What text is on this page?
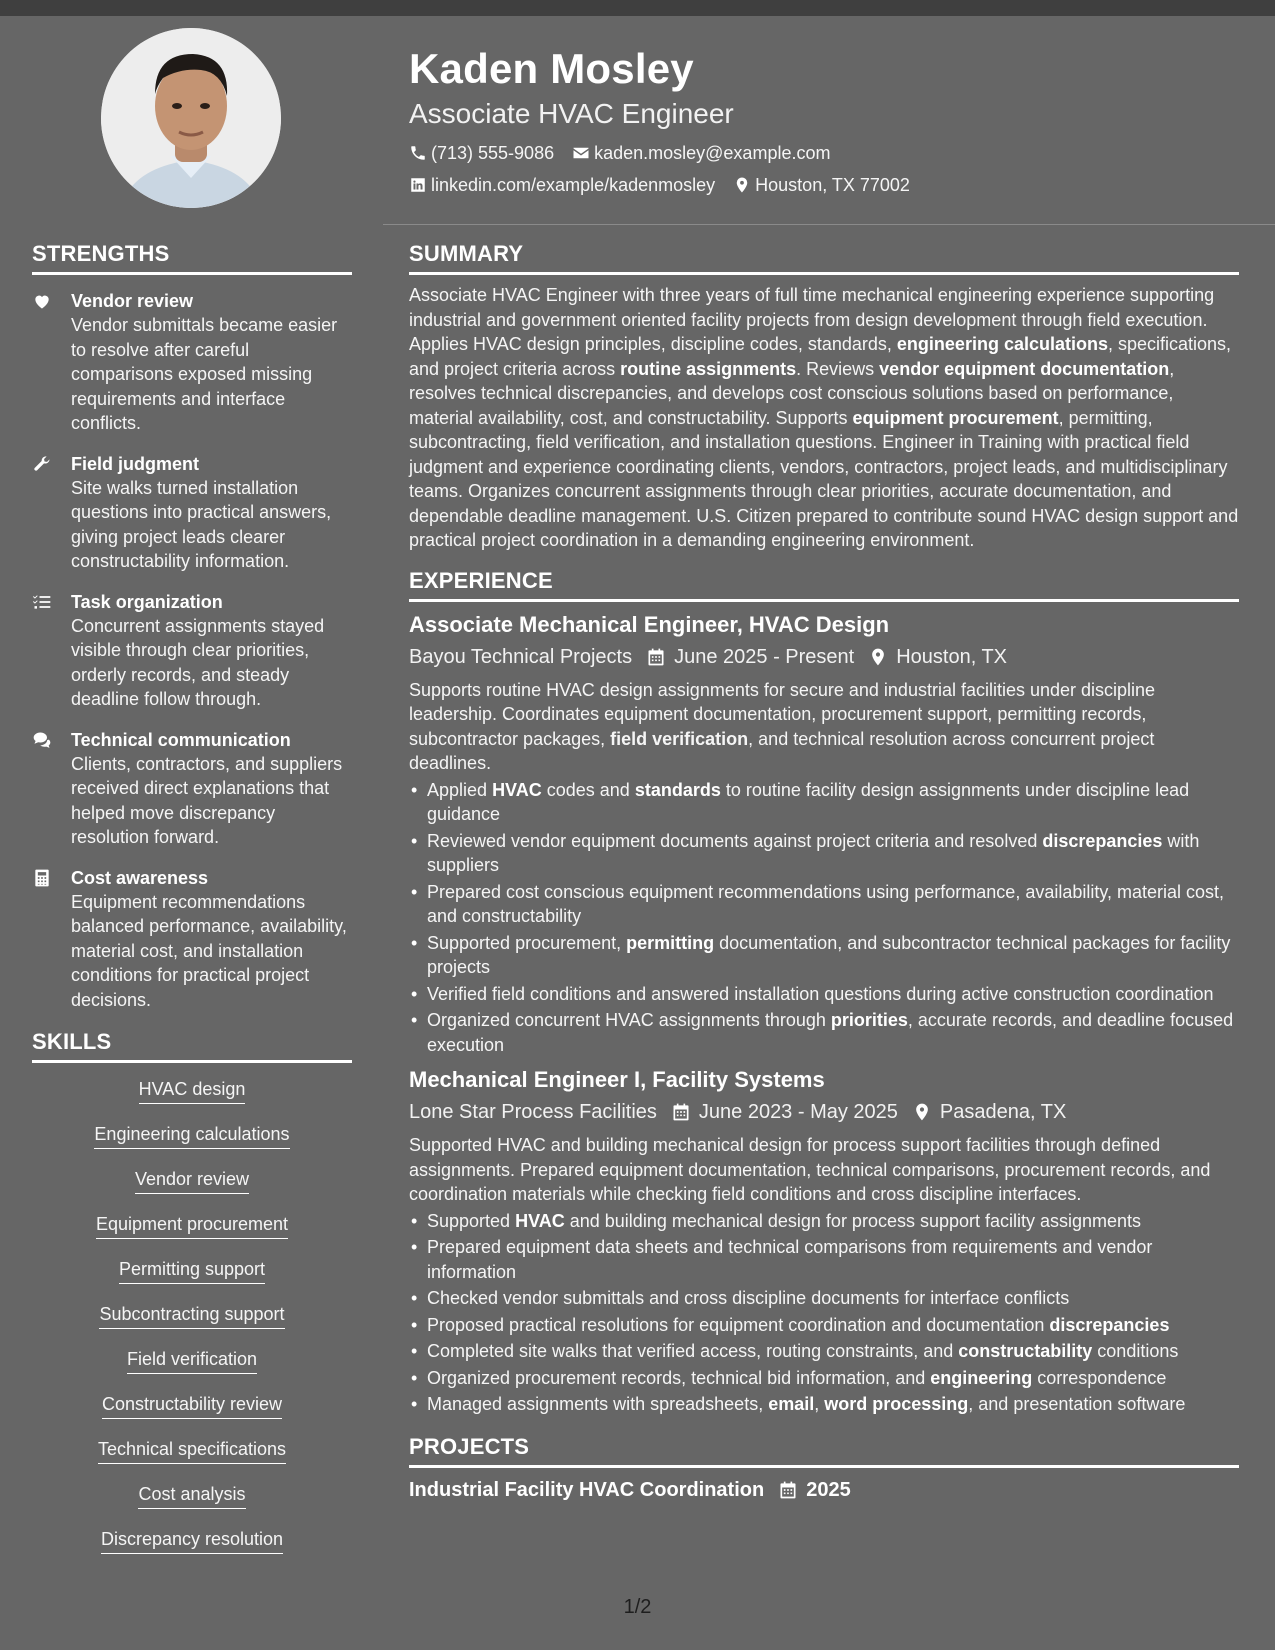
Kaden Mosley
Associate HVAC Engineer
(713) 555-9086 kaden.mosley@example.com
linkedin.com/example/kadenmosley Houston, TX 77002
STRENGTHS
Vendor review
Vendor submittals became easier to resolve after careful comparisons exposed missing requirements and interface conflicts.
Field judgment
Site walks turned installation questions into practical answers, giving project leads clearer constructability information.
Task organization
Concurrent assignments stayed visible through clear priorities, orderly records, and steady deadline follow through.
Technical communication
Clients, contractors, and suppliers received direct explanations that helped move discrepancy resolution forward.
Cost awareness
Equipment recommendations balanced performance, availability, material cost, and installation conditions for practical project decisions.
SKILLS
HVAC design
Engineering calculations
Vendor review
Equipment procurement
Permitting support
Subcontracting support
Field verification
Constructability review
Technical specifications
Cost analysis
Discrepancy resolution
SUMMARY

Associate HVAC Engineer with three years of full time mechanical engineering experience supporting industrial and government oriented facility projects from design development through field execution. Applies HVAC design principles, discipline codes, standards, engineering calculations, specifications, and project criteria across routine assignments. Reviews vendor equipment documentation, resolves technical discrepancies, and develops cost conscious solutions based on performance, material availability, cost, and constructability. Supports equipment procurement, permitting, subcontracting, field verification, and installation questions. Engineer in Training with practical field judgment and experience coordinating clients, vendors, contractors, project leads, and multidisciplinary teams. Organizes concurrent assignments through clear priorities, accurate documentation, and dependable deadline management. U.S. Citizen prepared to contribute sound HVAC design support and practical project coordination in a demanding engineering environment.

EXPERIENCE
Associate Mechanical Engineer, HVAC Design
Bayou Technical Projects June 2025 - Present Houston, TX

Supports routine HVAC design assignments for secure and industrial facilities under discipline leadership. Coordinates equipment documentation, procurement support, permitting records, subcontractor packages, field verification, and technical resolution across concurrent project deadlines.

• Applied HVAC codes and standards to routine facility design assignments under discipline lead guidance
• Reviewed vendor equipment documents against project criteria and resolved discrepancies with suppliers
• Prepared cost conscious equipment recommendations using performance, availability, material cost, and constructability
• Supported procurement, permitting documentation, and subcontractor technical packages for facility projects
• Verified field conditions and answered installation questions during active construction coordination
• Organized concurrent HVAC assignments through priorities, accurate records, and deadline focused execution
Mechanical Engineer I, Facility Systems
Lone Star Process Facilities June 2023 - May 2025 Pasadena, TX

Supported HVAC and building mechanical design for process support facilities through defined assignments. Prepared equipment documentation, technical comparisons, procurement records, and coordination materials while checking field conditions and cross discipline interfaces.

• Supported HVAC and building mechanical design for process support facility assignments
• Prepared equipment data sheets and technical comparisons from requirements and vendor information
• Checked vendor submittals and cross discipline documents for interface conflicts
• Proposed practical resolutions for equipment coordination and documentation discrepancies
• Completed site walks that verified access, routing constraints, and constructability conditions
• Organized procurement records, technical bid information, and engineering correspondence
• Managed assignments with spreadsheets, email, word processing, and presentation software
PROJECTS
Industrial Facility HVAC Coordination 2025
1/2
